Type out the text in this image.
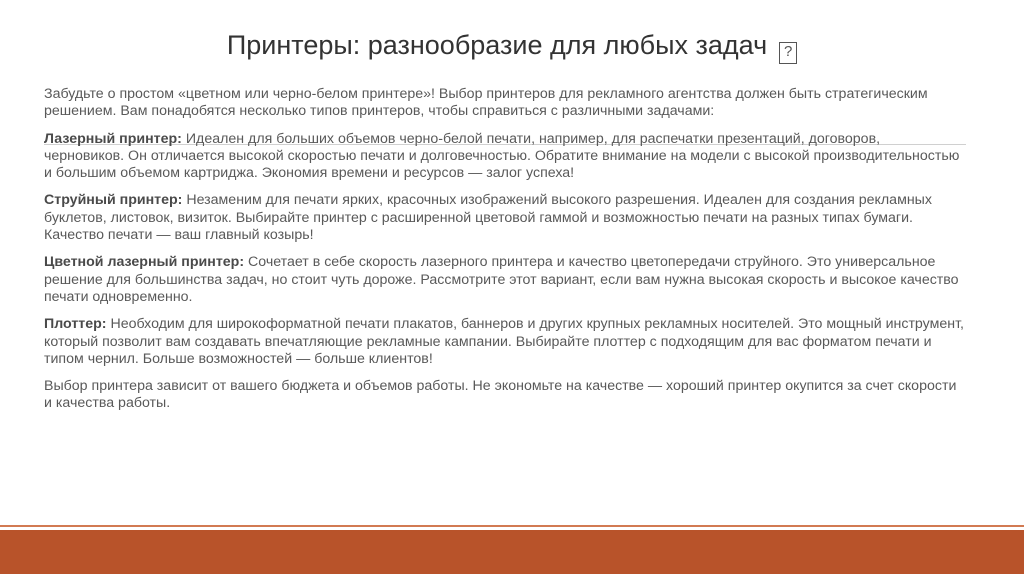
Принтеры: разнообразие для любых задач ?

Забудьте о простом «цветном или черно-белом принтере»! Выбор принтеров для рекламного агентства должен быть стратегическим решением. Вам понадобятся несколько типов принтеров, чтобы справиться с различными задачами:

Лазерный принтер: Идеален для больших объемов черно-белой печати, например, для распечатки презентаций, договоров, черновиков. Он отличается высокой скоростью печати и долговечностью. Обратите внимание на модели с высокой производительностью и большим объемом картриджа. Экономия времени и ресурсов — залог успеха!

Струйный принтер: Незаменим для печати ярких, красочных изображений высокого разрешения. Идеален для создания рекламных буклетов, листовок, визиток. Выбирайте принтер с расширенной цветовой гаммой и возможностью печати на разных типах бумаги. Качество печати — ваш главный козырь!

Цветной лазерный принтер: Сочетает в себе скорость лазерного принтера и качество цветопередачи струйного. Это универсальное решение для большинства задач, но стоит чуть дороже. Рассмотрите этот вариант, если вам нужна высокая скорость и высокое качество печати одновременно.

Плоттер: Необходим для широкоформатной печати плакатов, баннеров и других крупных рекламных носителей. Это мощный инструмент, который позволит вам создавать впечатляющие рекламные кампании. Выбирайте плоттер с подходящим для вас форматом печати и типом чернил. Больше возможностей — больше клиентов!

Выбор принтера зависит от вашего бюджета и объемов работы. Не экономьте на качестве — хороший принтер окупится за счет скорости и качества работы.
